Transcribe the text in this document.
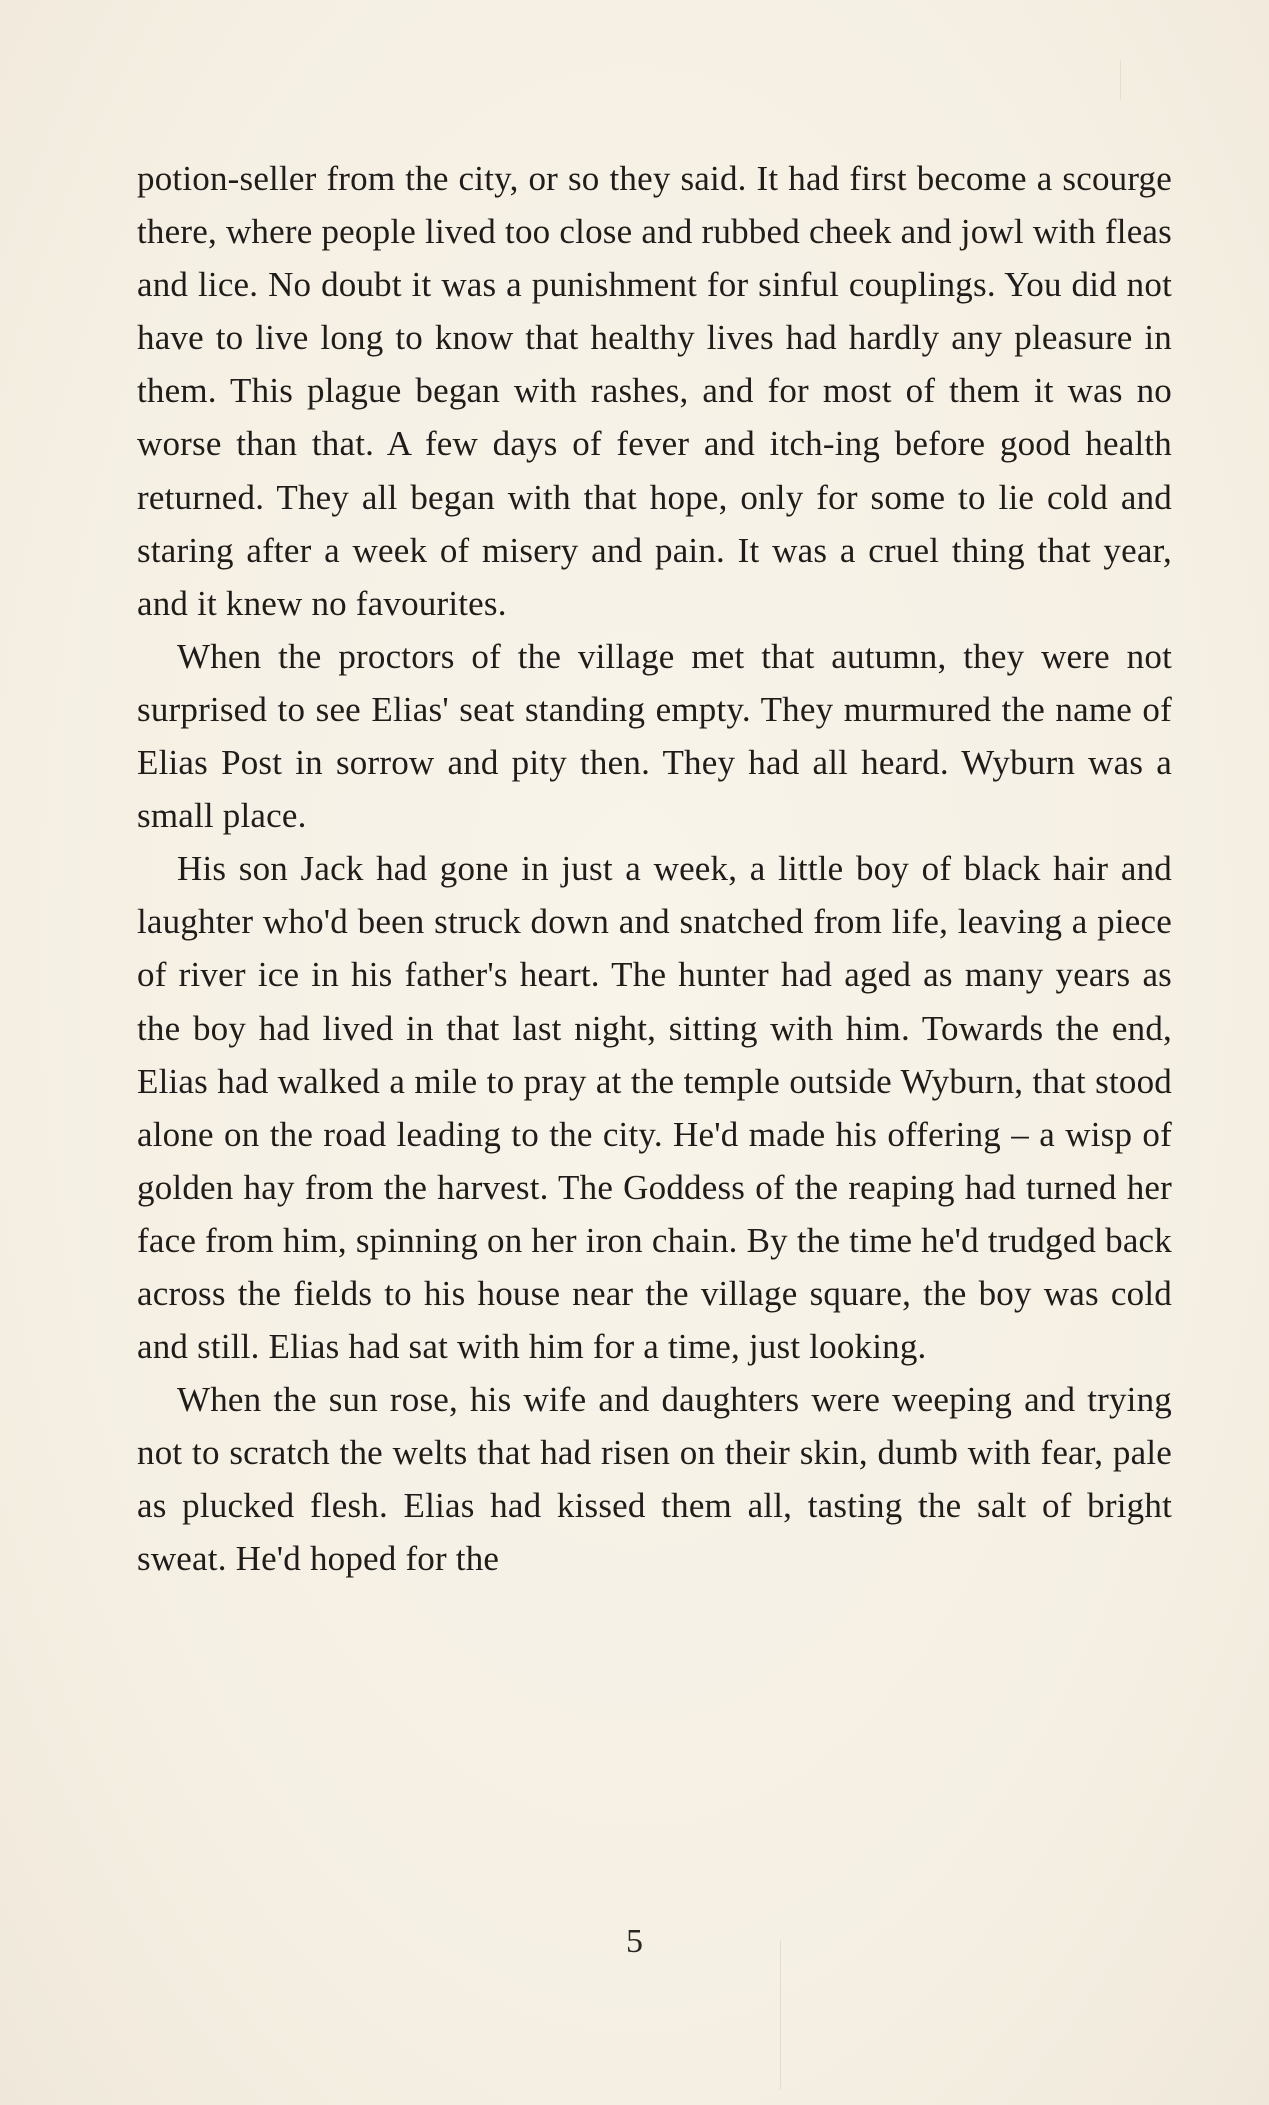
potion-seller from the city, or so they said. It had first become a scourge there, where people lived too close and rubbed cheek and jowl with fleas and lice. No doubt it was a punishment for sinful couplings. You did not have to live long to know that healthy lives had hardly any pleasure in them. This plague began with rashes, and for most of them it was no worse than that. A few days of fever and itch-ing before good health returned. They all began with that hope, only for some to lie cold and staring after a week of misery and pain. It was a cruel thing that year, and it knew no favourites.

When the proctors of the village met that autumn, they were not surprised to see Elias' seat standing empty. They murmured the name of Elias Post in sorrow and pity then. They had all heard. Wyburn was a small place.

His son Jack had gone in just a week, a little boy of black hair and laughter who'd been struck down and snatched from life, leaving a piece of river ice in his father's heart. The hunter had aged as many years as the boy had lived in that last night, sitting with him. Towards the end, Elias had walked a mile to pray at the temple outside Wyburn, that stood alone on the road leading to the city. He'd made his offering – a wisp of golden hay from the harvest. The Goddess of the reaping had turned her face from him, spinning on her iron chain. By the time he'd trudged back across the fields to his house near the village square, the boy was cold and still. Elias had sat with him for a time, just looking.

When the sun rose, his wife and daughters were weeping and trying not to scratch the welts that had risen on their skin, dumb with fear, pale as plucked flesh. Elias had kissed them all, tasting the salt of bright sweat. He'd hoped for the

5
